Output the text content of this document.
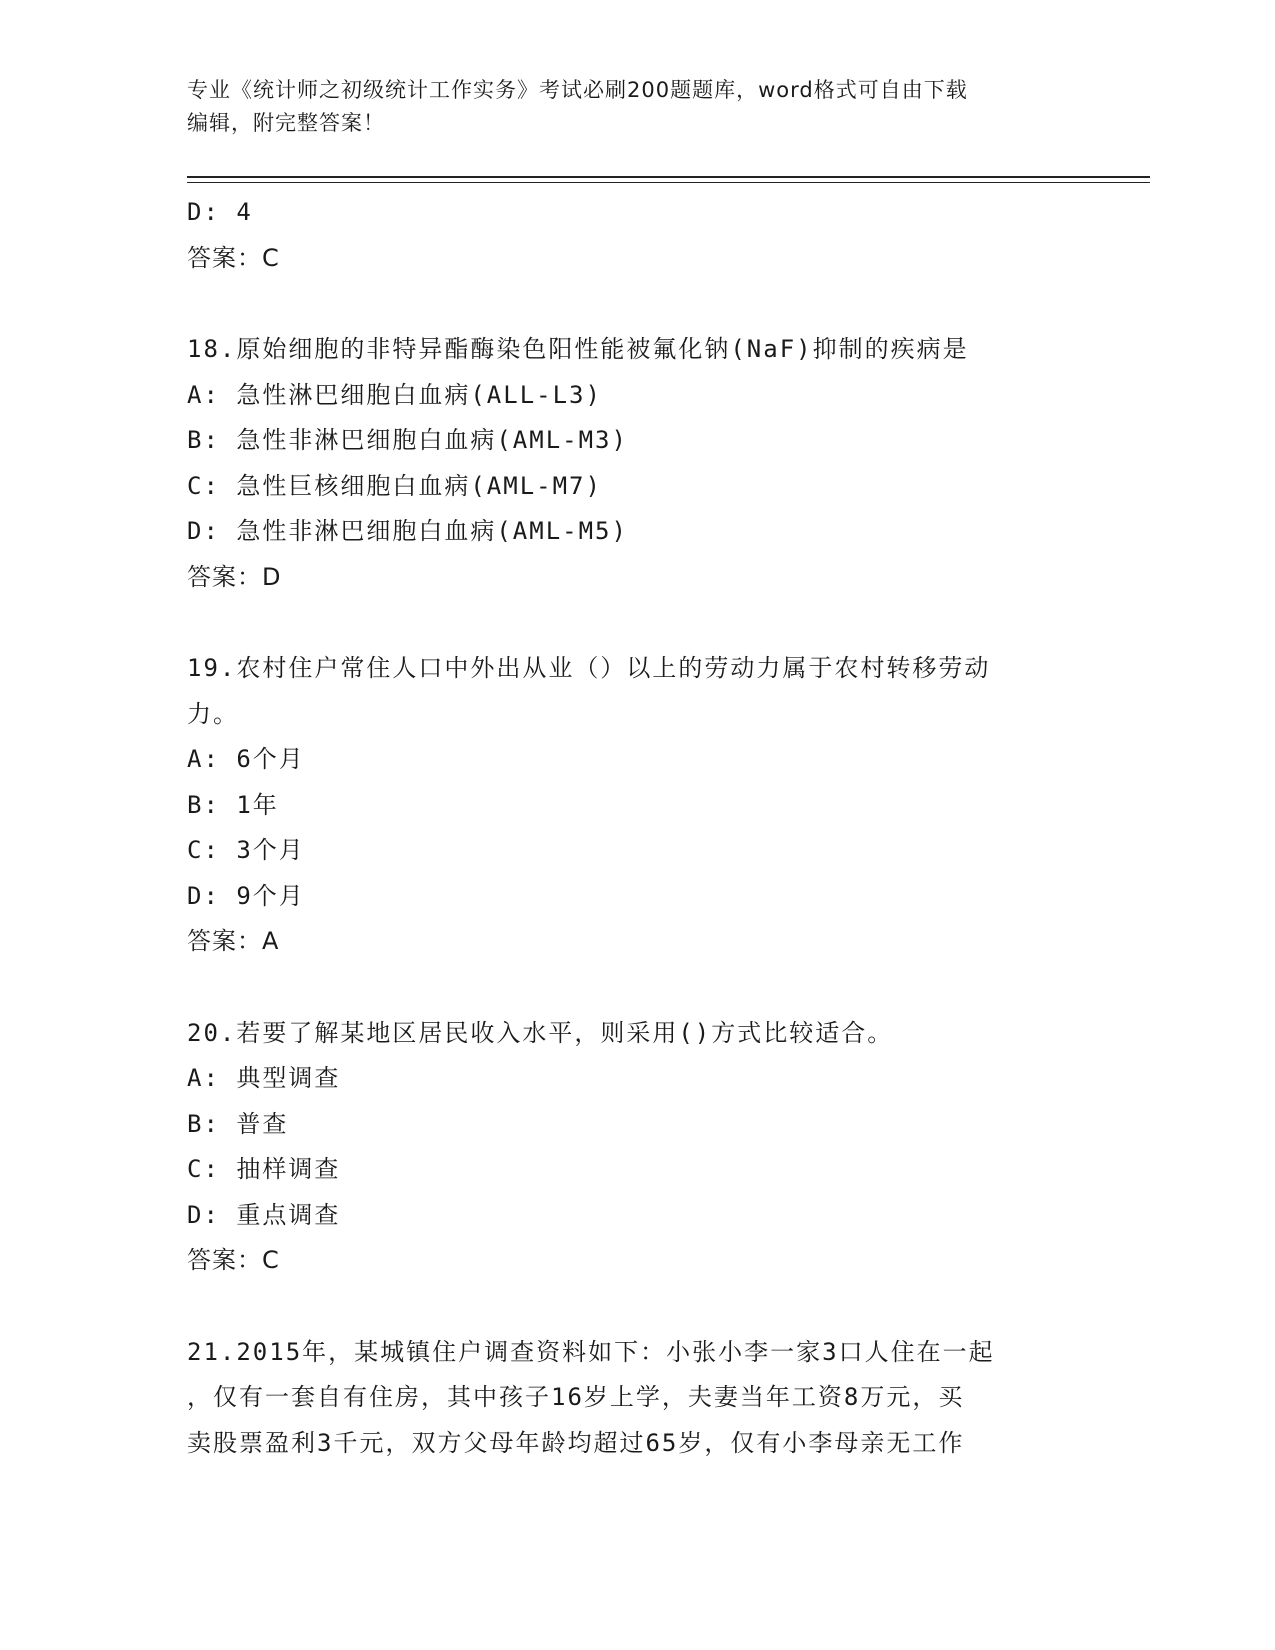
专业《统计师之初级统计工作实务》考试必刷200题题库，word格式可自由下载
编辑，附完整答案！
D: 4
答案：C
18.原始细胞的非特异酯酶染色阳性能被氟化钠(NaF)抑制的疾病是
A: 急性淋巴细胞白血病(ALL-L3)
B: 急性非淋巴细胞白血病(AML-M3)
C: 急性巨核细胞白血病(AML-M7)
D: 急性非淋巴细胞白血病(AML-M5)
答案：D
19.农村住户常住人口中外出从业（）以上的劳动力属于农村转移劳动
力。
A: 6个月
B: 1年
C: 3个月
D: 9个月
答案：A
20.若要了解某地区居民收入水平，则采用()方式比较适合。
A: 典型调查
B: 普查
C: 抽样调查
D: 重点调查
答案：C
21.2015年，某城镇住户调查资料如下：小张小李一家3口人住在一起
，仅有一套自有住房，其中孩子16岁上学，夫妻当年工资8万元，买
卖股票盈利3千元，双方父母年龄均超过65岁，仅有小李母亲无工作
